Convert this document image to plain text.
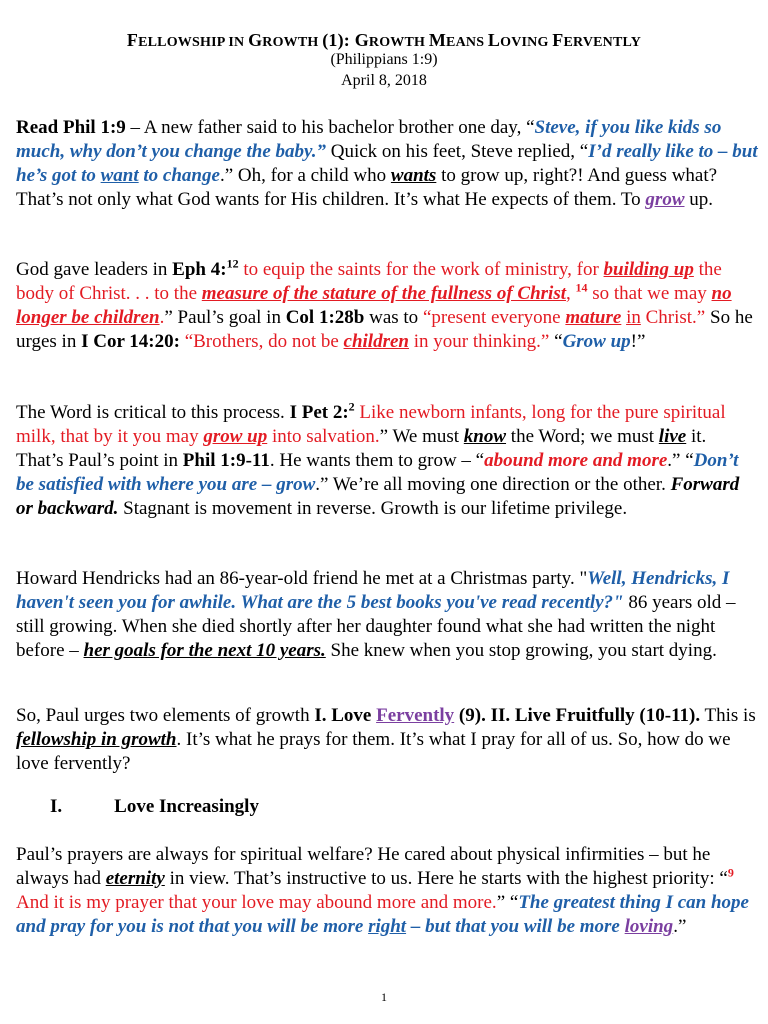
FELLOWSHIP IN GROWTH (1): GROWTH MEANS LOVING FERVENTLY
(Philippians 1:9)
April 8, 2018
Read Phil 1:9 – A new father said to his bachelor brother one day, “Steve, if you like kids so much, why don’t you change the baby.” Quick on his feet, Steve replied, “I’d really like to – but he’s got to want to change.” Oh, for a child who wants to grow up, right?! And guess what? That’s not only what God wants for His children. It’s what He expects of them. To grow up.
God gave leaders in Eph 4:$^{12}$ to equip the saints for the work of ministry, for building up the body of Christ. . . to the measure of the stature of the fullness of Christ, $^{14}$ so that we may no longer be children.” Paul’s goal in Col 1:28b was to “present everyone mature in Christ.” So he urges in I Cor 14:20: “Brothers, do not be children in your thinking.” “Grow up!”
The Word is critical to this process. I Pet 2:$^2$ Like newborn infants, long for the pure spiritual milk, that by it you may grow up into salvation.” We must know the Word; we must live it. That’s Paul’s point in Phil 1:9-11. He wants them to grow – “abound more and more.” “Don’t be satisfied with where you are – grow.” We’re all moving one direction or the other. Forward or backward. Stagnant is movement in reverse. Growth is our lifetime privilege.
Howard Hendricks had an 86-year-old friend he met at a Christmas party. "Well, Hendricks, I haven't seen you for awhile. What are the 5 best books you've read recently?" 86 years old – still growing. When she died shortly after her daughter found what she had written the night before – her goals for the next 10 years. She knew when you stop growing, you start dying.
So, Paul urges two elements of growth I. Love Fervently (9). II. Live Fruitfully (10-11). This is fellowship in growth. It’s what he prays for them. It’s what I pray for all of us. So, how do we love fervently?
I.	Love Increasingly
Paul’s prayers are always for spiritual welfare? He cared about physical infirmities – but he always had eternity in view. That’s instructive to us. Here he starts with the highest priority: “$^9$ And it is my prayer that your love may abound more and more.” “The greatest thing I can hope and pray for you is not that you will be more right – but that you will be more loving.”
1
